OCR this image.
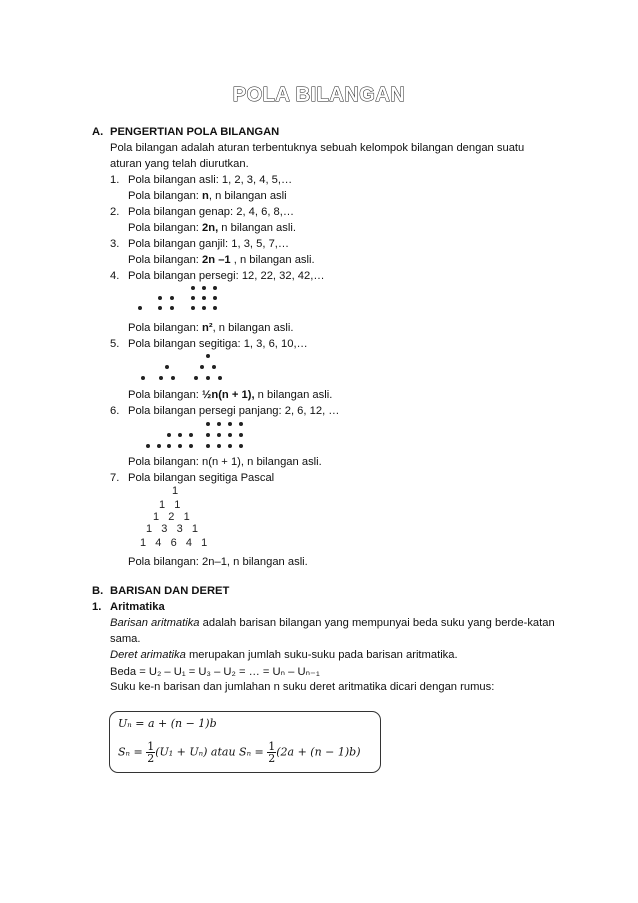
POLA BILANGAN
A. PENGERTIAN POLA BILANGAN
Pola bilangan adalah aturan terbentuknya sebuah kelompok bilangan dengan suatu
aturan yang telah diurutkan.
1. Pola bilangan asli: 1, 2, 3, 4, 5,…
Pola bilangan: n, n bilangan asli
2. Pola bilangan genap: 2, 4, 6, 8,…
Pola bilangan: 2n, n bilangan asli.
3. Pola bilangan ganjil: 1, 3, 5, 7,…
Pola bilangan: 2n –1 , n bilangan asli.
4. Pola bilangan persegi: 12, 22, 32, 42,…
Pola bilangan: n², n bilangan asli.
5. Pola bilangan segitiga: 1, 3, 6, 10,…
Pola bilangan: ½n(n + 1), n bilangan asli.
6. Pola bilangan persegi panjang: 2, 6, 12, …
Pola bilangan: n(n + 1), n bilangan asli.
7. Pola bilangan segitiga Pascal
1
1   1
1   2   1
1   3   3   1
1   4   6   4   1
Pola bilangan: 2n–1, n bilangan asli.
B. BARISAN DAN DERET
1. Aritmatika
Barisan aritmatika adalah barisan bilangan yang mempunyai beda suku yang berde-katan
sama.
Deret arimatika merupakan jumlah suku-suku pada barisan aritmatika.
Beda = U₂ – U₁ = U₃ – U₂ = … = Uₙ – Uₙ₋₁
Suku ke-n barisan dan jumlahan n suku deret aritmatika dicari dengan rumus:
Uₙ = a + (n − 1)b
$S_n = \frac{1}{2} (U_1 + U_n)$ atau $S_n = \frac{1}{2} (2a + (n - 1)b)$
